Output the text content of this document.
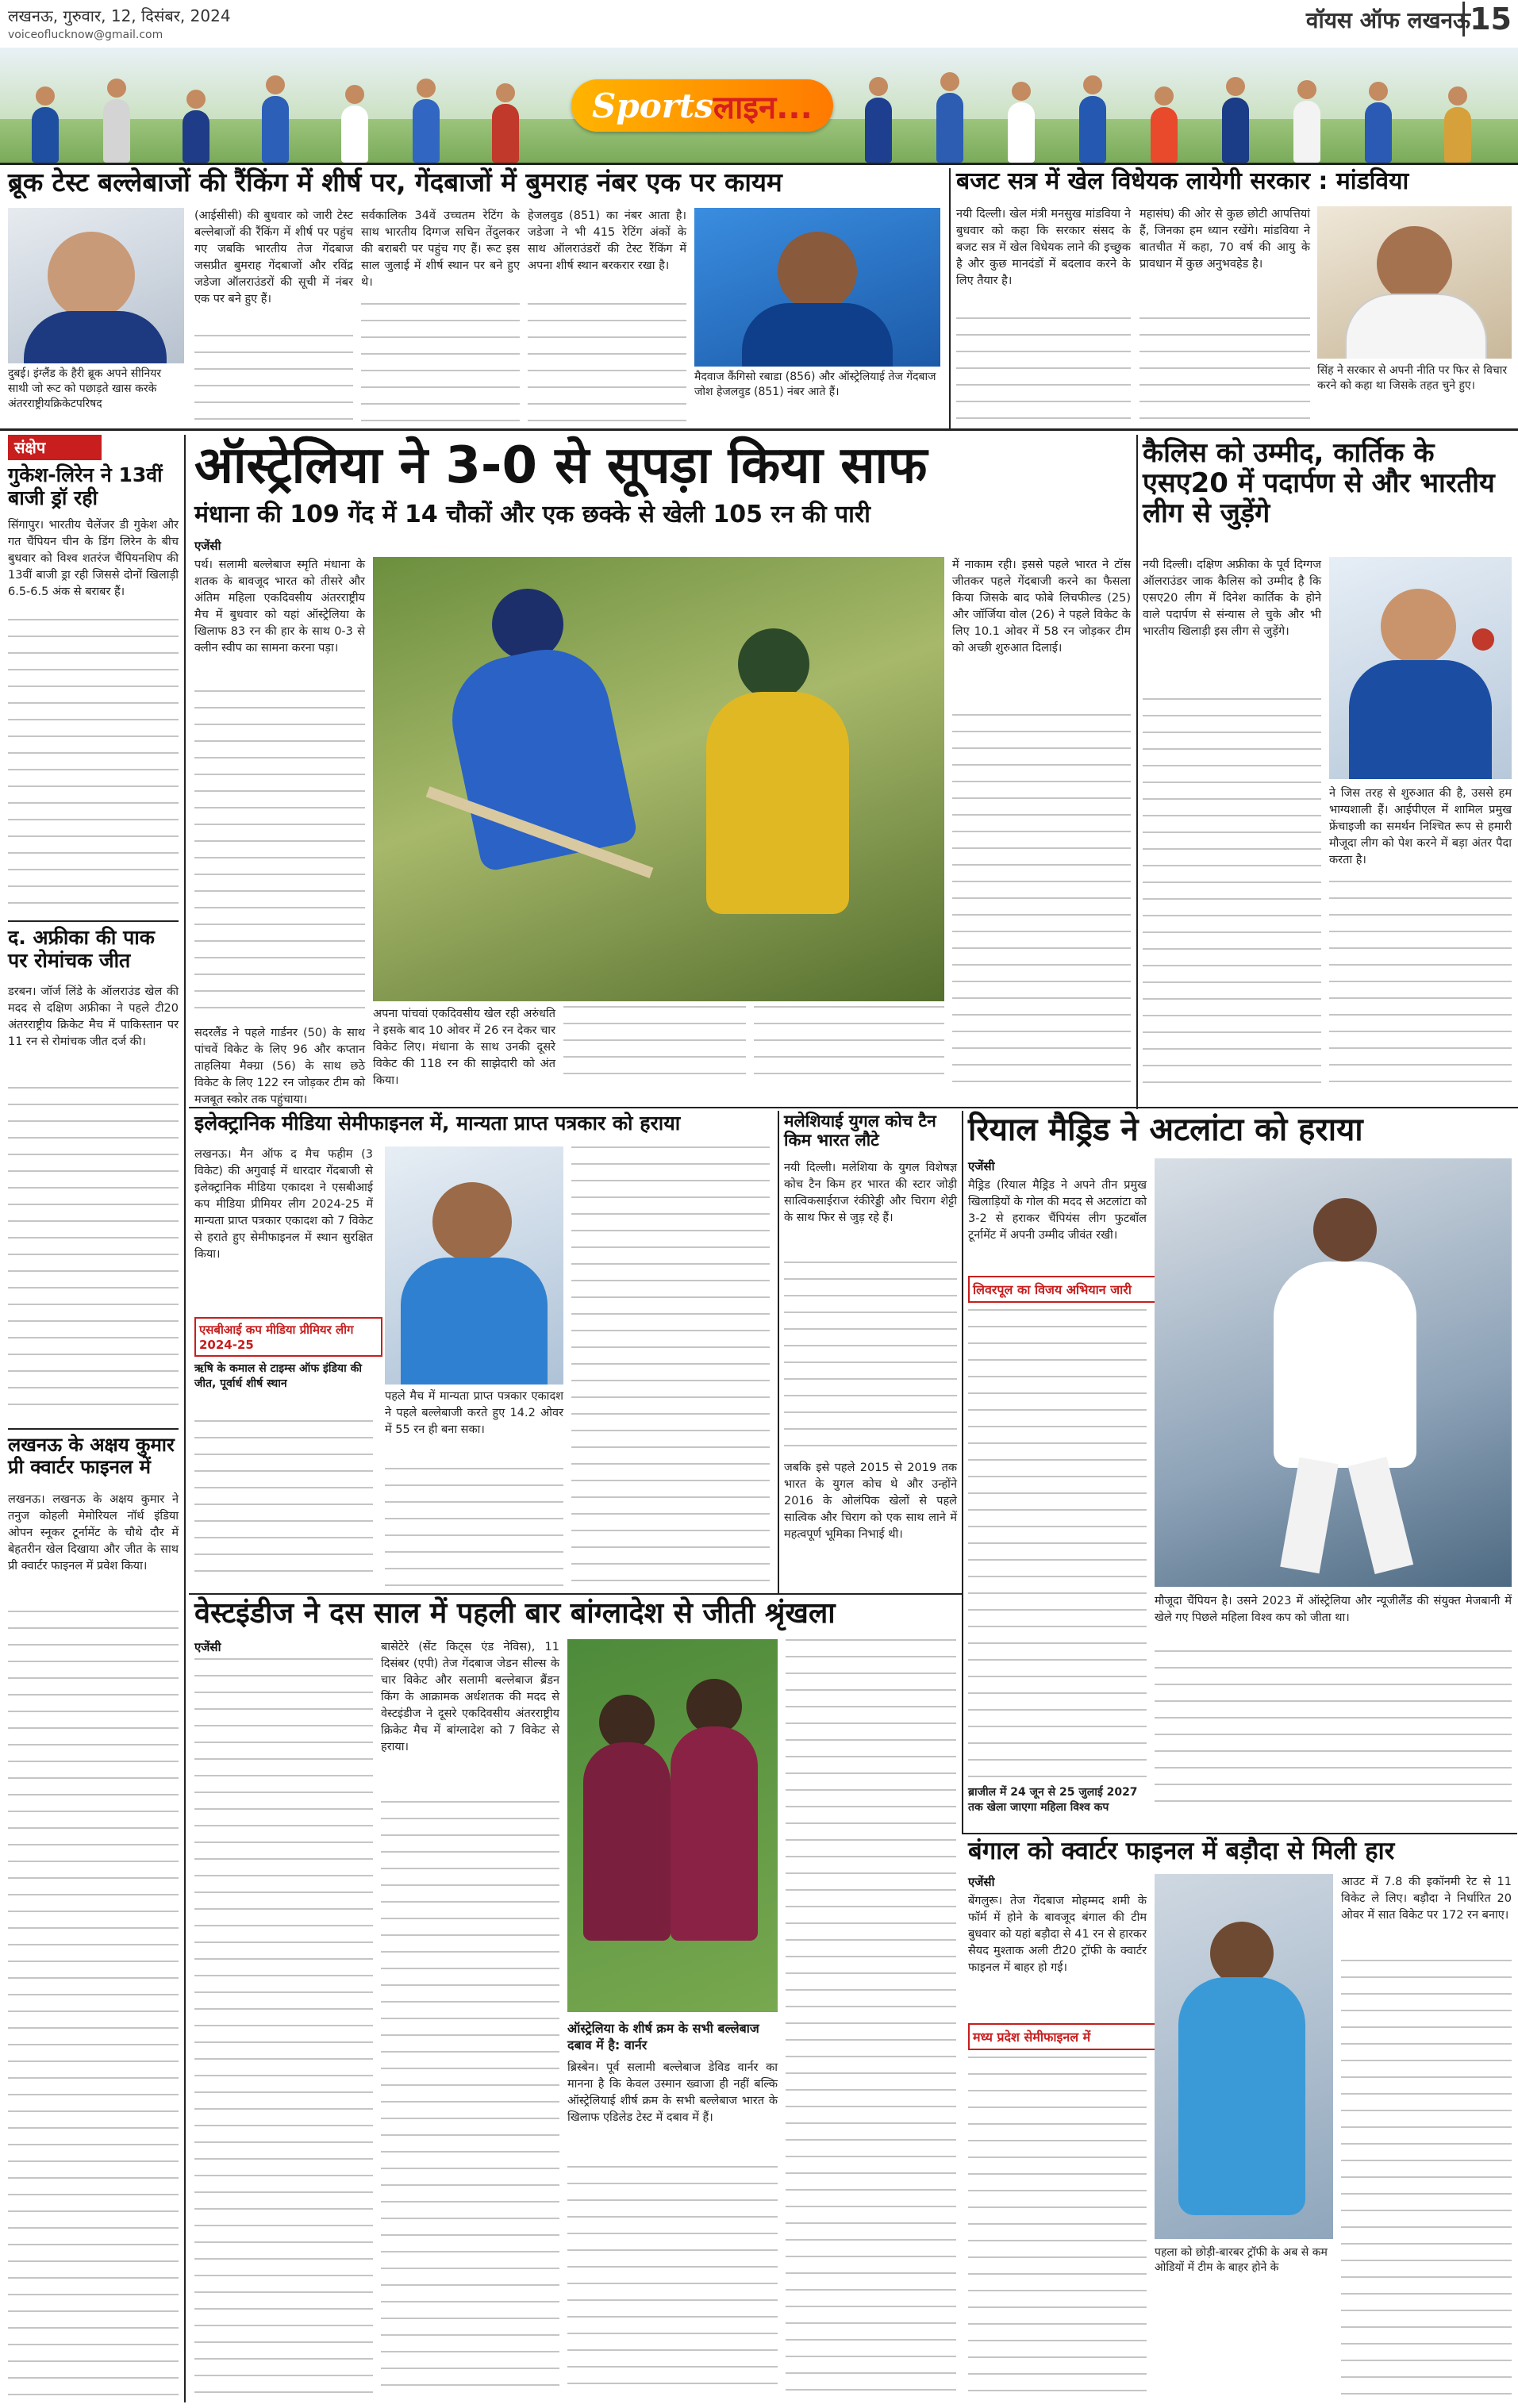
लखनऊ, गुरुवार, 12, दिसंबर, 2024
voiceoflucknow@gmail.com
वॉयस ऑफ लखनऊ 15
Sports लाइन...
ब्रूक टेस्ट बल्लेबाजों की रैंकिंग में शीर्ष पर, गेंदबाजों में बुमराह नंबर एक पर कायम
दुबई। इंग्लैंड के हैरी ब्रूक अपने सीनियर साथी जो रूट को पछाड़ते खास करके अंतरराष्ट्रीयक्रिकेटपरिषद
(आईसीसी) की बुधवार को जारी टेस्ट बल्लेबाजों की रैंकिंग में शीर्ष पर पहुंच गए जबकि भारतीय तेज गेंदबाज जसप्रीत बुमराह गेंदबाजों और रविंद्र जडेजा ऑलराउंडरों की सूची में नंबर एक पर बने हुए हैं।
सर्वकालिक 34वें उच्चतम रेटिंग के साथ भारतीय दिग्गज सचिन तेंदुलकर की बराबरी पर पहुंच गए हैं। रूट इस साल जुलाई में शीर्ष स्थान पर बने हुए थे।
हेजलवुड (851) का नंबर आता है। जडेजा ने भी 415 रेटिंग अंकों के साथ ऑलराउंडरों की टेस्ट रैंकिंग में अपना शीर्ष स्थान बरकरार रखा है।
मैदवाज कैंगिसो रबाडा (856) और ऑस्ट्रेलियाई तेज गेंदबाज जोश हेजलवुड (851) नंबर आते हैं।
बजट सत्र में खेल विधेयक लायेगी सरकार : मांडविया
नयी दिल्ली। खेल मंत्री मनसुख मांडविया ने बुधवार को कहा कि सरकार संसद के बजट सत्र में खेल विधेयक लाने की इच्छुक है और कुछ मानदंडों में बदलाव करने के लिए तैयार है।
महासंघ) की ओर से कुछ छोटी आपत्तियां हैं, जिनका हम ध्यान रखेंगे। मांडविया ने बातचीत में कहा, 70 वर्ष की आयु के प्रावधान में कुछ अनुभवहेड है।
सिंह ने सरकार से अपनी नीति पर फिर से विचार करने को कहा था जिसके तहत चुने हुए।
संक्षेप
गुकेश-लिरेन ने 13वीं बाजी ड्रॉ रही
सिंगापुर। भारतीय चैलेंजर डी गुकेश और गत चैंपियन चीन के डिंग लिरेन के बीच बुधवार को विश्व शतरंज चैंपियनशिप की 13वीं बाजी ड्रा रही जिससे दोनों खिलाड़ी 6.5-6.5 अंक से बराबर हैं।
द. अफ्रीका की पाक पर रोमांचक जीत
डरबन। जॉर्ज लिंडे के ऑलराउंड खेल की मदद से दक्षिण अफ्रीका ने पहले टी20 अंतरराष्ट्रीय क्रिकेट मैच में पाकिस्तान पर 11 रन से रोमांचक जीत दर्ज की।
लखनऊ के अक्षय कुमार प्री क्वार्टर फाइनल में
लखनऊ। लखनऊ के अक्षय कुमार ने तनुज कोहली मेमोरियल नॉर्थ इंडिया ओपन स्नूकर टूर्नामेंट के चौथे दौर में बेहतरीन खेल दिखाया और जीत के साथ प्री क्वार्टर फाइनल में प्रवेश किया।
ऑस्ट्रेलिया ने 3-0 से सूपड़ा किया साफ
मंधाना की 109 गेंद में 14 चौकों और एक छक्के से खेली 105 रन की पारी
एजेंसी
पर्थ। सलामी बल्लेबाज स्मृति मंधाना के शतक के बावजूद भारत को तीसरे और अंतिम महिला एकदिवसीय अंतरराष्ट्रीय मैच में बुधवार को यहां ऑस्ट्रेलिया के खिलाफ 83 रन की हार के साथ 0-3 से क्लीन स्वीप का सामना करना पड़ा।
सदरलैंड ने पहले गार्डनर (50) के साथ पांचवें विकेट के लिए 96 और कप्तान ताहलिया मैक्ग्रा (56) के साथ छठे विकेट के लिए 122 रन जोड़कर टीम को मजबूत स्कोर तक पहुंचाया।
अपना पांचवां एकदिवसीय खेल रही अरुंधति ने इसके बाद 10 ओवर में 26 रन देकर चार विकेट लिए। मंधाना के साथ उनकी दूसरे विकेट की 118 रन की साझेदारी को अंत किया।
मेें नाकाम रही। इससे पहले भारत ने टॉस जीतकर पहले गेंदबाजी करने का फैसला किया जिसके बाद फोबे लिचफील्ड (25) और जॉर्जिया वोल (26) ने पहले विकेट के लिए 10.1 ओवर में 58 रन जोड़कर टीम को अच्छी शुरुआत दिलाई।
कैलिस को उम्मीद, कार्तिक के एसए20 में पदार्पण से और भारतीय लीग से जुड़ेंगे
नयी दिल्ली। दक्षिण अफ्रीका के पूर्व दिग्गज ऑलराउंडर जाक कैलिस को उम्मीद है कि एसए20 लीग में दिनेश कार्तिक के होने वाले पदार्पण से संन्यास ले चुके और भी भारतीय खिलाड़ी इस लीग से जुड़ेंगे।
ने जिस तरह से शुरुआत की है, उससे हम भाग्यशाली हैं। आईपीएल में शामिल प्रमुख फ्रेंचाइजी का समर्थन निश्चित रूप से हमारी मौजूदा लीग को पेश करने में बड़ा अंतर पैदा करता है।
इलेक्ट्रानिक मीडिया सेमीफाइनल में, मान्यता प्राप्त पत्रकार को हराया
लखनऊ। मैन ऑफ द मैच फहीम (3 विकेट) की अगुवाई में धारदार गेंदबाजी से इलेक्ट्रानिक मीडिया एकादश ने एसबीआई कप मीडिया प्रीमियर लीग 2024-25 में मान्यता प्राप्त पत्रकार एकादश को 7 विकेट से हराते हुए सेमीफाइनल में स्थान सुरक्षित किया।
एसबीआई कप मीडिया प्रीमियर लीग 2024-25
ऋषि के कमाल से टाइम्स ऑफ इंडिया की जीत, पूर्वार्ध शीर्ष स्थान
पहले मैच में मान्यता प्राप्त पत्रकार एकादश ने पहले बल्लेबाजी करते हुए 14.2 ओवर में 55 रन ही बना सका।
मलेशियाई युगल कोच टैन किम भारत लौटे
नयी दिल्ली। मलेशिया के युगल विशेषज्ञ कोच टैन किम हर भारत की स्टार जोड़ी सात्विकसाईराज रंकीरेड्डी और चिराग शेट्टी के साथ फिर से जुड़ रहे हैं।
जबकि इसे पहले 2015 से 2019 तक भारत के युगल कोच थे और उन्होंने 2016 के ओलंपिक खेलों से पहले सात्विक और चिराग को एक साथ लाने में महत्वपूर्ण भूमिका निभाई थी।
रियाल मैड्रिड ने अटलांटा को हराया
एजेंसी
मैड्रिड (रियाल मैड्रिड ने अपने तीन प्रमुख खिलाड़ियों के गोल की मदद से अटलांटा को 3-2 से हराकर चैंपियंस लीग फुटबॉल टूर्नामेंट में अपनी उम्मीद जीवंत रखी।
लिवरपूल का विजय अभियान जारी
ब्राजील में 24 जून से 25 जुलाई 2027 तक खेला जाएगा महिला विश्व कप
मौजूदा चैंपियन है। उसने 2023 में ऑस्ट्रेलिया और न्यूजीलैंड की संयुक्त मेजबानी में खेले गए पिछले महिला विश्व कप को जीता था।
वेस्टइंडीज ने दस साल में पहली बार बांग्लादेश से जीती श्रृंखला
एजेंसी	बासेटेरे (सेंट किट्स एंड नेविस), 11 दिसंबर (एपी) तेज गेंदबाज जेडन सील्स के चार विकेट और सलामी बल्लेबाज ब्रैंडन किंग के आक्रामक अर्धशतक की मदद से वेस्टइंडीज ने दूसरे एकदिवसीय अंतरराष्ट्रीय क्रिकेट मैच में बांग्लादेश को 7 विकेट से हराया।
ऑस्ट्रेलिया के शीर्ष क्रम के सभी बल्लेबाज दबाव में है: वार्नर
ब्रिस्बेन। पूर्व सलामी बल्लेबाज डेविड वार्नर का मानना है कि केवल उस्मान ख्वाजा ही नहीं बल्कि ऑस्ट्रेलियाई शीर्ष क्रम के सभी बल्लेबाज भारत के खिलाफ एडिलेड टेस्ट में दबाव में हैं।
बंगाल को क्वार्टर फाइनल में बड़ौदा से मिली हार
एजेंसी
बेंगलुरू। तेज गेंदबाज मोहम्मद शमी के फॉर्म में होने के बावजूद बंगाल की टीम बुधवार को यहां बड़ौदा से 41 रन से हारकर सैयद मुश्ताक अली टी20 ट्रॉफी के क्वार्टर फाइनल में बाहर हो गई।
मध्य प्रदेश सेमीफाइनल में
पहला को छोड़ी-बारबर ट्रॉफी के अब से कम ओडियों में टीम के बाहर होने के
आउट में 7.8 की इकॉनमी रेट से 11 विकेट ले लिए। बड़ौदा ने निर्धारित 20 ओवर में सात विकेट पर 172 रन बनाए।
